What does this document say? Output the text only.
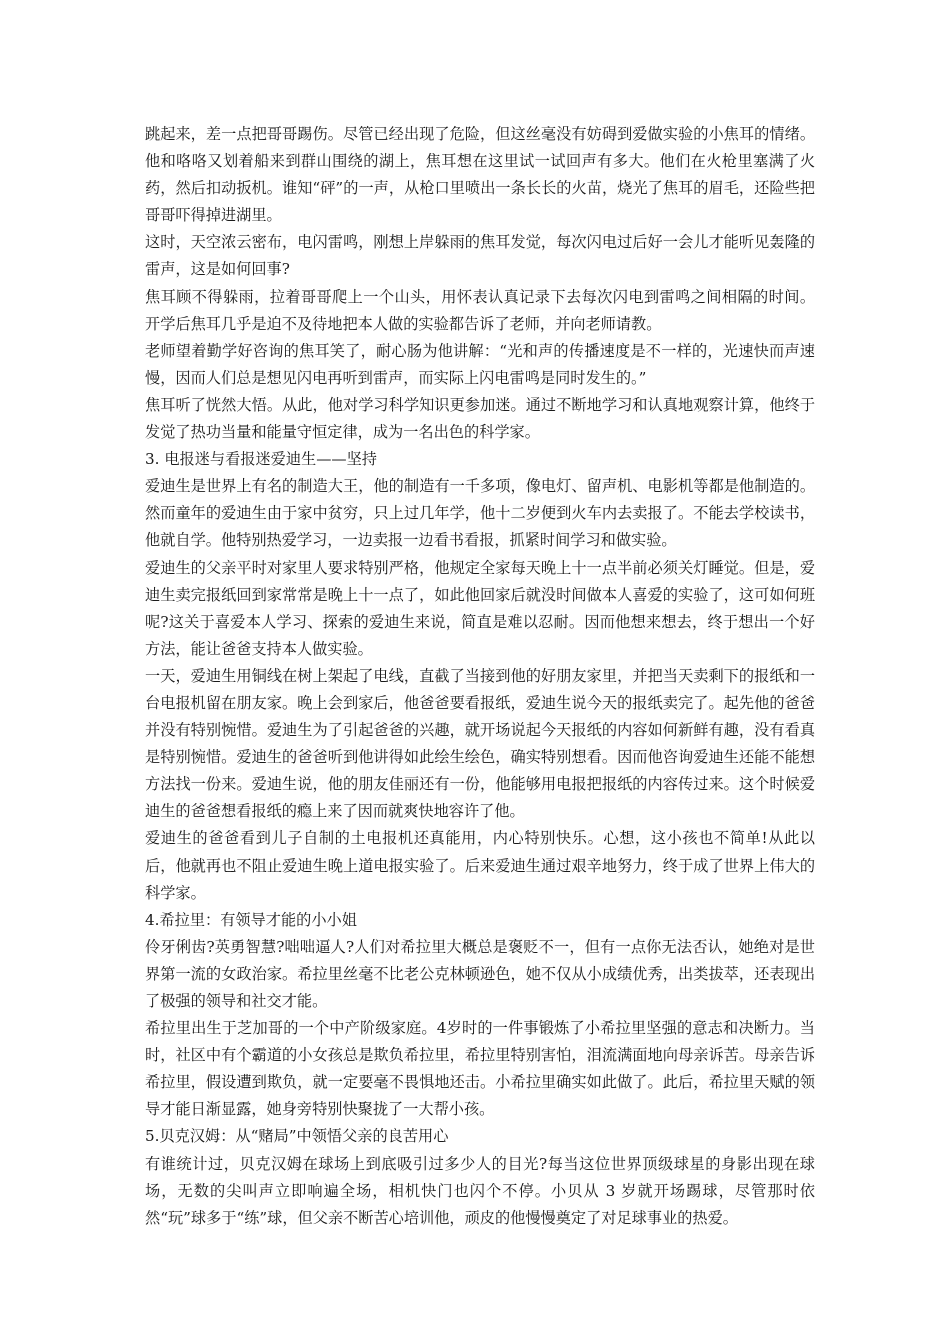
跳起来，差一点把哥哥踢伤。尽管已经出现了危险，但这丝毫没有妨碍到爱做实验的小焦耳的情绪。他和咯咯又划着船来到群山围绕的湖上，焦耳想在这里试一试回声有多大。他们在火枪里塞满了火药，然后扣动扳机。谁知“砰”的一声，从枪口里喷出一条长长的火苗，烧光了焦耳的眉毛，还险些把哥哥吓得掉进湖里。

这时，天空浓云密布，电闪雷鸣，刚想上岸躲雨的焦耳发觉，每次闪电过后好一会儿才能听见轰隆的雷声，这是如何回事?

焦耳顾不得躲雨，拉着哥哥爬上一个山头，用怀表认真记录下去每次闪电到雷鸣之间相隔的时间。 开学后焦耳几乎是迫不及待地把本人做的实验都告诉了老师，并向老师请教。

老师望着勤学好咨询的焦耳笑了，耐心肠为他讲解：“光和声的传播速度是不一样的，光速快而声速慢，因而人们总是想见闪电再听到雷声，而实际上闪电雷鸣是同时发生的。”

焦耳听了恍然大悟。从此，他对学习科学知识更参加迷。通过不断地学习和认真地观察计算，他终于发觉了热功当量和能量守恒定律，成为一名出色的科学家。

3. 电报迷与看报迷爱迪生——坚持

爱迪生是世界上有名的制造大王，他的制造有一千多项，像电灯、留声机、电影机等都是他制造的。 然而童年的爱迪生由于家中贫穷，只上过几年学，他十二岁便到火车内去卖报了。不能去学校读书，他就自学。他特别热爱学习，一边卖报一边看书看报，抓紧时间学习和做实验。

爱迪生的父亲平时对家里人要求特别严格，他规定全家每天晚上十一点半前必须关灯睡觉。但是，爱迪生卖完报纸回到家常常是晚上十一点了，如此他回家后就没时间做本人喜爱的实验了，这可如何班呢?这关于喜爱本人学习、探索的爱迪生来说，简直是难以忍耐。因而他想来想去，终于想出一个好方法，能让爸爸支持本人做实验。

一天，爱迪生用铜线在树上架起了电线，直截了当接到他的好朋友家里，并把当天卖剩下的报纸和一台电报机留在朋友家。晚上会到家后，他爸爸要看报纸，爱迪生说今天的报纸卖完了。起先他的爸爸并没有特别惋惜。爱迪生为了引起爸爸的兴趣，就开场说起今天报纸的内容如何新鲜有趣，没有看真是特别惋惜。爱迪生的爸爸听到他讲得如此绘生绘色，确实特别想看。因而他咨询爱迪生还能不能想方法找一份来。爱迪生说，他的朋友佳丽还有一份，他能够用电报把报纸的内容传过来。这个时候爱迪生的爸爸想看报纸的瘾上来了因而就爽快地容许了他。

爱迪生的爸爸看到儿子自制的土电报机还真能用，内心特别快乐。心想，这小孩也不简单!从此以后，他就再也不阻止爱迪生晚上道电报实验了。后来爱迪生通过艰辛地努力，终于成了世界上伟大的科学家。

4.希拉里：有领导才能的小小姐

伶牙俐齿?英勇智慧?咄咄逼人?人们对希拉里大概总是褒贬不一，但有一点你无法否认，她绝对是世界第一流的女政治家。希拉里丝毫不比老公克林顿逊色，她不仅从小成绩优秀，出类拔萃，还表现出了极强的领导和社交才能。

希拉里出生于芝加哥的一个中产阶级家庭。4岁时的一件事锻炼了小希拉里坚强的意志和决断力。当时，社区中有个霸道的小女孩总是欺负希拉里，希拉里特别害怕，泪流满面地向母亲诉苦。母亲告诉希拉里，假设遭到欺负，就一定要毫不畏惧地还击。小希拉里确实如此做了。此后，希拉里天赋的领导才能日渐显露，她身旁特别快聚拢了一大帮小孩。

5.贝克汉姆：从“赌局”中领悟父亲的良苦用心

有谁统计过，贝克汉姆在球场上到底吸引过多少人的目光?每当这位世界顶级球星的身影出现在球场，无数的尖叫声立即响遍全场，相机快门也闪个不停。小贝从 3 岁就开场踢球，尽管那时依然“玩”球多于“练”球，但父亲不断苦心培训他，顽皮的他慢慢奠定了对足球事业的热爱。
